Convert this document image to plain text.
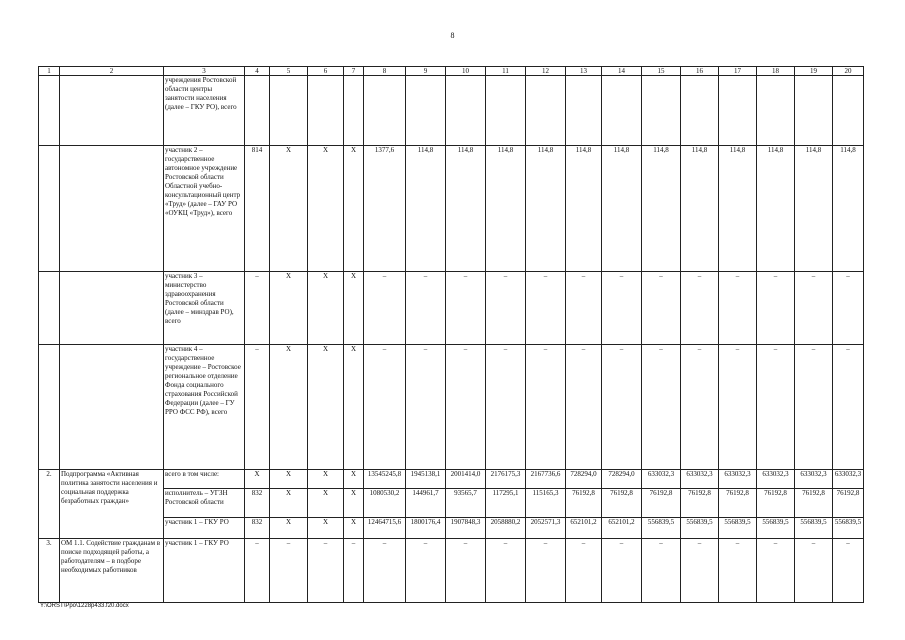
8
1	2	3	4	5	6	7	8	9	10	11	12	13	14	15	16	17	18	19	20
		учреждения Ростовской области центры занятости населения (далее – ГКУ РО), всего																	
		участник 2 – государственное автономное учреждение Ростовской области Областной учебно-консультационный центр «Труд» (далее – ГАУ РО «ОУКЦ «Труд»), всего	814	Х	Х	Х	1377,6	114,8	114,8	114,8	114,8	114,8	114,8	114,8	114,8	114,8	114,8	114,8	114,8
		участник 3 – министерство здравоохранения Ростовской области (далее – минздрав РО), всего	–	Х	Х	Х	–	–	–	–	–	–	–	–	–	–	–	–	–
		участник 4 – государственное учреждение – Ростовское региональное отделение Фонда социального страхования Российской Федерации (далее – ГУ РРО ФСС РФ), всего	–	Х	Х	Х	–	–	–	–	–	–	–	–	–	–	–	–	–
2.	Подпрограмма «Активная политика занятости населения и социальная поддержка безработных граждан»	всего в том числе:	Х	Х	Х	Х	13545245,8	1945138,1	2001414,0	2176175,3	2167736,6	728294,0	728294,0	633032,3	633032,3	633032,3	633032,3	633032,3	633032,3
		исполнитель – УГЗН Ростовской области	832	Х	Х	Х	1080530,2	144961,7	93565,7	117295,1	115165,3	76192,8	76192,8	76192,8	76192,8	76192,8	76192,8	76192,8	76192,8
		участник 1 – ГКУ РО	832	Х	Х	Х	12464715,6	1800176,4	1907848,3	2058880,2	2052571,3	652101,2	652101,2	556839,5	556839,5	556839,5	556839,5	556839,5	556839,5
3.	ОМ 1.1. Содействие гражданам в поиске подходящей работы, а работодателям – в подборе необходимых работников	участник 1 – ГКУ РО	–	–	–	–	–	–	–	–	–	–	–	–	–	–	–	–	–
Y:\ORST\Ppo\1228p433.f20.docx
